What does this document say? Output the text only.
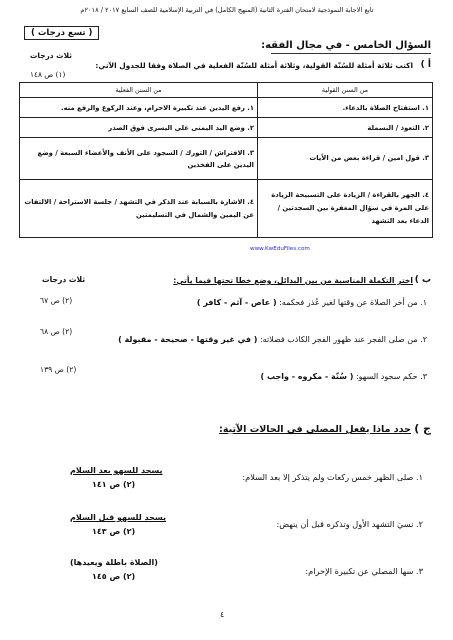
تابع الاجابة النموذجية لامتحان الفترة الثانية (المنهج الكامل) في التربية الإسلامية للصف السابع ٢٠١٧ / ٢٠١٨م
السؤال الخامس - في مجال الفقه:
( تسع درجات )
أ )
اكتب ثلاثة أمثلة للسُنّة القولية، وثلاثة أمثلة للسُنّة الفعلية في الصلاة وفقا للجدول الآتي:
ثلاث درجات
(١) ص ١٤٨
من السنن القولية	من السنن الفعلية
١. استفتاح الصلاة بالدعاء.	١. رفع اليدين عند تكبيرة الاحرام، وعند الركوع والرفع منه.
٢. التعوذ / البسملة	٢. وضع اليد اليمنى على اليسرى فوق الصدر
٣. قول امين / قراءة بعض من الأيات	٣. الافتراش / التورك / السجود على الأنف والأعضاء السبعة / وضع اليدين على الفخذين
٤. الجهر بالقراءة / الزيادة على التسبيحة الزيادة على المرة في سؤال المغفرة بين السجدتين / الدعاء بعد التشهد	٤. الاشارة بالسبابة عند الذكر في التشهد / جلسة الاستراحة / الالتفات عن اليمين والشمال في التسليمتين
www.KwEduFiles.com
ب )
اختر التكملة المناسبة من بين البدائل، وضع خطا تحتها فيما يأتي:
ثلاث درجات
١. من أخر الصلاة عن وقتها لغير عُذر فحكمه: ( عاص - آثم - كافر )
(٢) ص ٦٧
٢. من صلى الفجر عند ظهور الفجر الكاذب فصلاته: ( في غير وقتها - صحيحة - مقبولة )
(٢) ص ٦٨
٣. حكم سجود السهو: ( سُنّة - مكروه - واجب )
(٢) ص ١٣٩
ج )
حدد ماذا يفعل المصلي في الحالات الآتية:
١. صلى الظهر خمس ركعات ولم يتذكر إلا بعد السلام:
يسجد للسهو بعد السلام
(٢) ص ١٤١
٢. نسيَ التشهد الأول وتذكره قبل أن ينهض:
يسجد للسهو قبل السلام
(٢) ص ١٤٣
٣. سها المصلي عن تكبيرة الإحرام:
(الصلاة باطلة ويعيدها)
(٢) ص ١٤٥
٤
